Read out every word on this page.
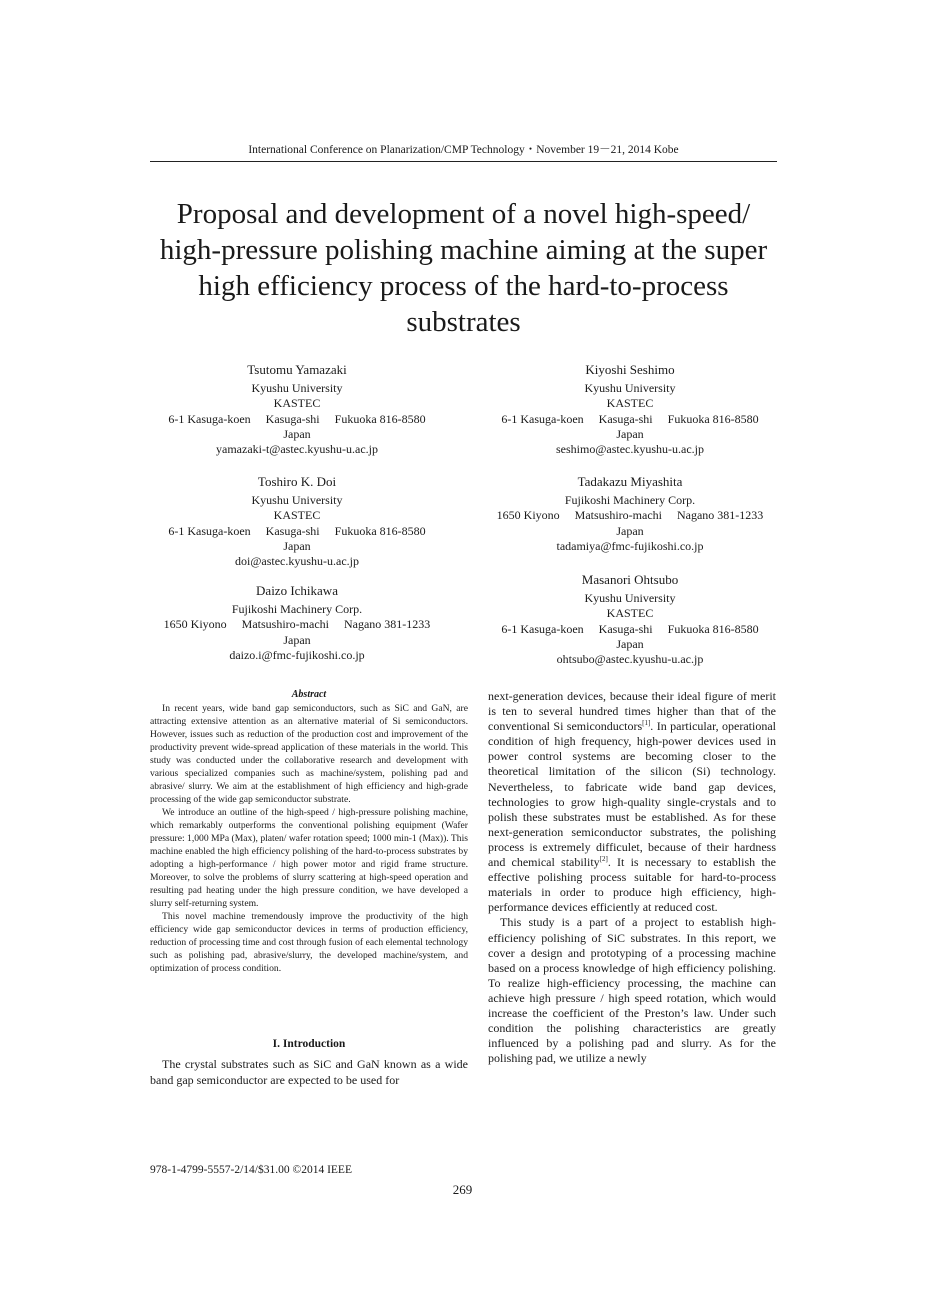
International Conference on Planarization/CMP Technology・November 19－21, 2014 Kobe
Proposal and development of a novel high-speed/
high-pressure polishing machine aiming at the super
high efficiency process of the hard-to-process
substrates
Tsutomu Yamazaki
Kyushu University
KASTEC
6-1 Kasuga-koen     Kasuga-shi     Fukuoka 816-8580
Japan
yamazaki-t@astec.kyushu-u.ac.jp
Kiyoshi Seshimo
Kyushu University
KASTEC
6-1 Kasuga-koen     Kasuga-shi     Fukuoka 816-8580
Japan
seshimo@astec.kyushu-u.ac.jp
Toshiro K. Doi
Kyushu University
KASTEC
6-1 Kasuga-koen     Kasuga-shi     Fukuoka 816-8580
Japan
doi@astec.kyushu-u.ac.jp
Tadakazu Miyashita
Fujikoshi Machinery Corp.
1650 Kiyono     Matsushiro-machi     Nagano 381-1233
Japan
tadamiya@fmc-fujikoshi.co.jp
Daizo Ichikawa
Fujikoshi Machinery Corp.
1650 Kiyono     Matsushiro-machi     Nagano 381-1233
Japan
daizo.i@fmc-fujikoshi.co.jp
Masanori Ohtsubo
Kyushu University
KASTEC
6-1 Kasuga-koen     Kasuga-shi     Fukuoka 816-8580
Japan
ohtsubo@astec.kyushu-u.ac.jp
Abstract

In recent years, wide band gap semiconductors, such as SiC and GaN, are attracting extensive attention as an alternative material of Si semiconductors. However, issues such as reduction of the production cost and improvement of the productivity prevent wide-spread application of these materials in the world. This study was conducted under the collaborative research and development with various specialized companies such as machine/system, polishing pad and abrasive/ slurry. We aim at the establishment of high efficiency and high-grade processing of the wide gap semiconductor substrate.

We introduce an outline of the high-speed / high-pressure polishing machine, which remarkably outperforms the conventional polishing equipment (Wafer pressure: 1,000 MPa (Max), platen/ wafer rotation speed; 1000 min-1 (Max)). This machine enabled the high efficiency polishing of the hard-to-process substrates by adopting a high-performance / high power motor and rigid frame structure. Moreover, to solve the problems of slurry scattering at high-speed operation and resulting pad heating under the high pressure condition, we have developed a slurry self-returning system.

This novel machine tremendously improve the productivity of the high efficiency wide gap semiconductor devices in terms of production efficiency, reduction of processing time and cost through fusion of each elemental technology such as polishing pad, abrasive/slurry, the developed machine/system, and optimization of process condition.

I. Introduction

The crystal substrates such as SiC and GaN known as a wide band gap semiconductor are expected to be used for

next-generation devices, because their ideal figure of merit is ten to several hundred times higher than that of the conventional Si semiconductors[1]. In particular, operational condition of high frequency, high-power devices used in power control systems are becoming closer to the theoretical limitation of the silicon (Si) technology. Nevertheless, to fabricate wide band gap devices, technologies to grow high-quality single-crystals and to polish these substrates must be established. As for these next-generation semiconductor substrates, the polishing process is extremely difficulet, because of their hardness and chemical stability[2]. It is necessary to establish the effective polishing process suitable for hard-to-process materials in order to produce high efficiency, high-performance devices efficiently at reduced cost.

This study is a part of a project to establish high-efficiency polishing of SiC substrates. In this report, we cover a design and prototyping of a processing machine based on a process knowledge of high efficiency polishing. To realize high-efficiency processing, the machine can achieve high pressure / high speed rotation, which would increase the coefficient of the Preston’s law. Under such condition the polishing characteristics are greatly influenced by a polishing pad and slurry. As for the polishing pad, we utilize a newly

978-1-4799-5557-2/14/$31.00 ©2014 IEEE
269
